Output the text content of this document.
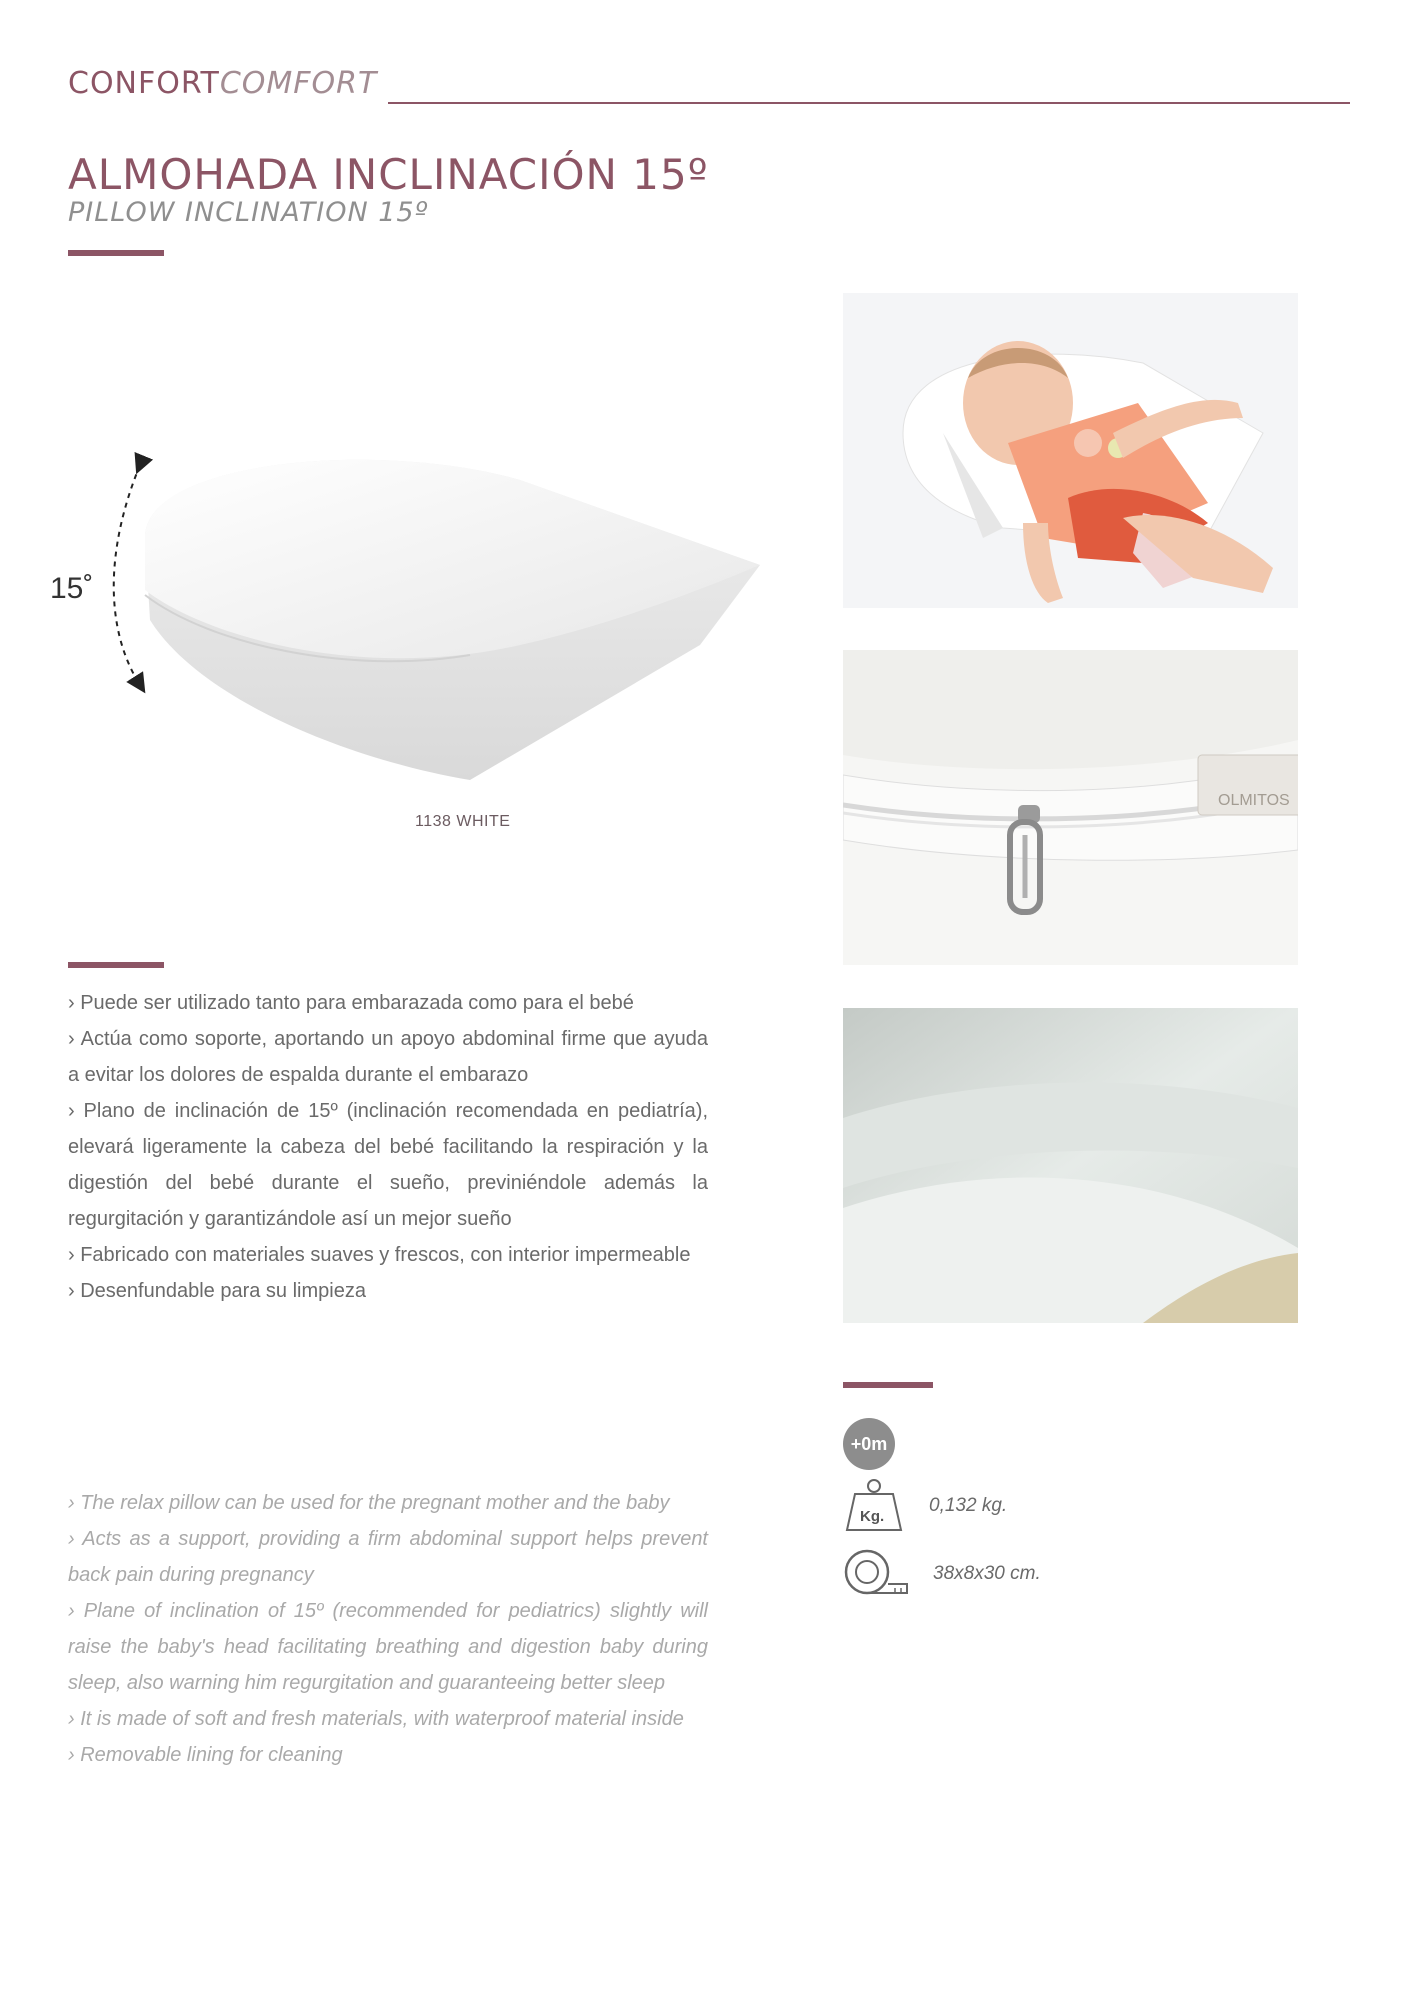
CONFORTCOMFORT
ALMOHADA INCLINACIÓN 15º
PILLOW INCLINATION 15º
15˚
1138 WHITE
OLMITOS

› Puede ser utilizado tanto para embarazada como para el bebé

› Actúa como soporte, aportando un apoyo abdominal firme que ayuda a evitar los dolores de espalda durante el embarazo

› Plano de inclinación de 15º (inclinación recomendada en pediatría), elevará ligeramente la cabeza del bebé facilitando la respiración y la digestión del bebé durante el sueño, previniéndole además la regurgitación y garantizándole así un mejor sueño

› Fabricado con materiales suaves y frescos, con interior impermeable

› Desenfundable para su limpieza

› The relax pillow can be used for the pregnant mother and the baby

› Acts as a support, providing a firm abdominal support helps prevent back pain during pregnancy

› Plane of inclination of 15º (recommended for pediatrics) slightly will raise the baby's head facilitating breathing and digestion baby during sleep, also warning him regurgitation and guaranteeing better sleep

› It is made of soft and fresh materials, with waterproof material inside

› Removable lining for cleaning

+0m
Kg.
0,132 kg.
38x8x30 cm.
